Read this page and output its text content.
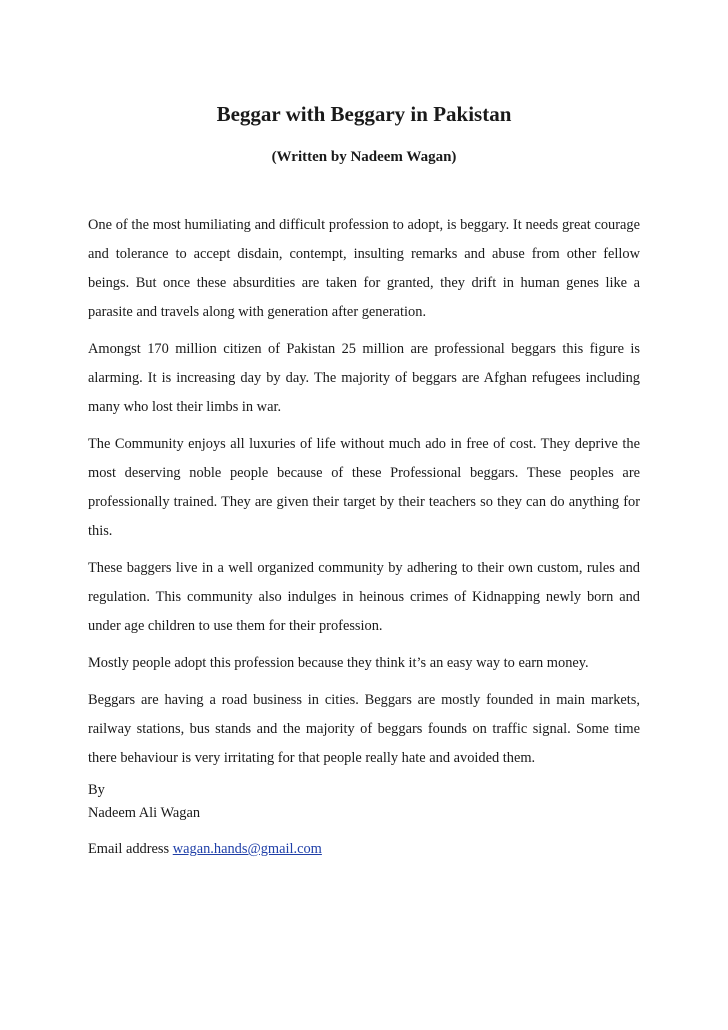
Beggar with Beggary in Pakistan
(Written by Nadeem Wagan)

One of the most humiliating and difficult profession to adopt, is beggary. It needs great courage and tolerance to accept disdain, contempt, insulting remarks and abuse from other fellow beings. But once these absurdities are taken for granted, they drift in human genes like a parasite and travels along with generation after generation.

Amongst 170 million citizen of Pakistan 25 million are professional beggars this figure is alarming. It is increasing day by day. The majority of beggars are Afghan refugees including many who lost their limbs in war.

The Community enjoys all luxuries of life without much ado in free of cost. They deprive the most deserving noble people because of these Professional beggars. These peoples are professionally trained. They are given their target by their teachers so they can do anything for this.

These baggers live in a well organized community by adhering to their own custom, rules and regulation. This community also indulges in heinous crimes of Kidnapping newly born and under age children to use them for their profession.

Mostly people adopt this profession because they think it’s an easy way to earn money.

Beggars are having a road business in cities. Beggars are mostly founded in main markets, railway stations, bus stands and the majority of beggars founds on traffic signal. Some time there behaviour is very irritating for that people really hate and avoided them.

By

Nadeem Ali Wagan

Email address wagan.hands@gmail.com
